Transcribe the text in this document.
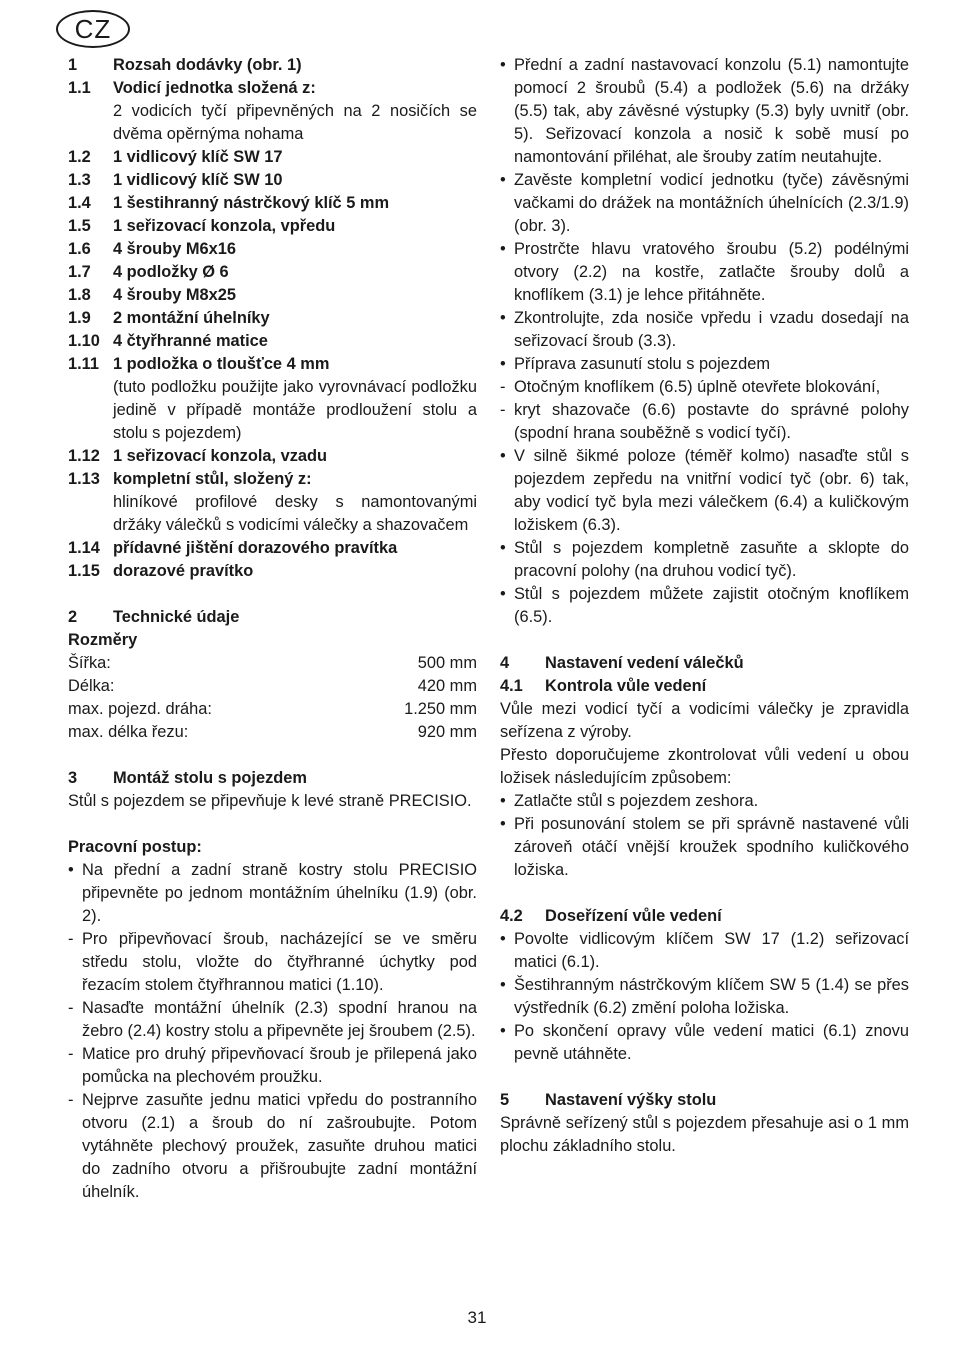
CZ
1	Rozsah dodávky (obr. 1)
1.1	Vodicí jednotka složená z:
2 vodicích tyčí připevněných na 2 nosičích se dvěma opěrnýma nohama
1.2	1 vidlicový klíč SW 17
1.3	1 vidlicový klíč SW 10
1.4	1 šestihranný nástrčkový klíč 5 mm
1.5	1 seřizovací konzola, vpředu
1.6	4 šrouby M6x16
1.7	4 podložky Ø 6
1.8	4 šrouby M8x25
1.9	2 montážní úhelníky
1.10 4 čtyřhranné matice
1.11 1 podložka o tloušťce 4 mm
(tuto podložku použijte jako vyrovnávací podložku jedině v případě montáže prodloužení stolu a stolu s pojezdem)
1.12 1 seřizovací konzola, vzadu
1.13 kompletní stůl, složený z:
hliníkové profilové desky s namontovanými držáky válečků s vodicími válečky a shazovačem
1.14 přídavné jištění dorazového pravítka
1.15 dorazové pravítko
2	Technické údaje
Rozměry
Šířka:	500 mm
Délka:	420 mm
max. pojezd. dráha:	1.250 mm
max. délka řezu:	920 mm
3	Montáž stolu s pojezdem
Stůl s pojezdem se připevňuje k levé straně PRECISIO.
Pracovní postup:
• Na přední a zadní straně kostry stolu PRECISIO připevněte po jednom montážním úhelníku (1.9) (obr. 2).
- Pro připevňovací šroub, nacházející se ve směru středu stolu, vložte do čtyřhranné úchytky pod řezacím stolem čtyřhrannou matici (1.10).
- Nasaďte montážní úhelník (2.3) spodní hranou na žebro (2.4) kostry stolu a připevněte jej šroubem (2.5).
- Matice pro druhý připevňovací šroub je přilepená jako pomůcka na plechovém proužku.
- Nejprve zasuňte jednu matici vpředu do postranního otvoru (2.1) a šroub do ní zašroubujte. Potom vytáhněte plechový proužek, zasuňte druhou matici do zadního otvoru a přišroubujte zadní montážní úhelník.
• Přední a zadní nastavovací konzolu (5.1) namontujte pomocí 2 šroubů (5.4) a podložek (5.6) na držáky (5.5) tak, aby závěsné výstupky (5.3) byly uvnitř (obr. 5). Seřizovací konzola a nosič k sobě musí po namontování přiléhat, ale šrouby zatím neutahujte.
• Zavěste kompletní vodicí jednotku (tyče) závěsnými vačkami do drážek na montážních úhelnících (2.3/1.9) (obr. 3).
• Prostrčte hlavu vratového šroubu (5.2) podélnými otvory (2.2) na kostře, zatlačte šrouby dolů a knoflíkem (3.1) je lehce přitáhněte.
• Zkontrolujte, zda nosiče vpředu i vzadu dosedají na seřizovací šroub (3.3).
• Příprava zasunutí stolu s pojezdem
- Otočným knoflíkem (6.5) úplně otevřete blokování,
- kryt shazovače (6.6) postavte do správné polohy (spodní hrana souběžně s vodicí tyčí).
• V silně šikmé poloze (téměř kolmo) nasaďte stůl s pojezdem zepředu na vnitřní vodicí tyč (obr. 6) tak, aby vodicí tyč byla mezi válečkem (6.4) a kuličkovým ložiskem (6.3).
• Stůl s pojezdem kompletně zasuňte a sklopte do pracovní polohy (na druhou vodicí tyč).
• Stůl s pojezdem můžete zajistit otočným knoflíkem (6.5).
4	Nastavení vedení válečků
4.1	Kontrola vůle vedení
Vůle mezi vodicí tyčí a vodicími válečky je zpravidla seřízena z výroby.
Přesto doporučujeme zkontrolovat vůli vedení u obou ložisek následujícím způsobem:
• Zatlačte stůl s pojezdem zeshora.
• Při posunování stolem se při správně nastavené vůli zároveň otáčí vnější kroužek spodního kuličkového ložiska.
4.2	Doseřízení vůle vedení
• Povolte vidlicovým klíčem SW 17 (1.2) seřizovací matici (6.1).
• Šestihranným nástrčkovým klíčem SW 5 (1.4) se přes výstředník (6.2) změní poloha ložiska.
• Po skončení opravy vůle vedení matici (6.1) znovu pevně utáhněte.
5	Nastavení výšky stolu
Správně seřízený stůl s pojezdem přesahuje asi o 1 mm plochu základního stolu.
31
